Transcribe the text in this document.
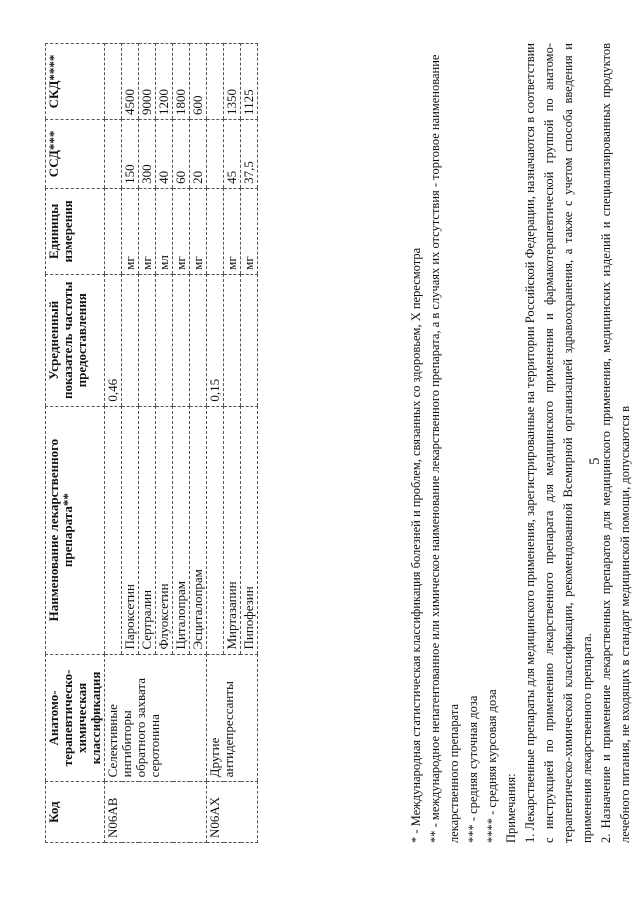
5
Код	Анатомо-терапевтическо-химическая классификация	Наименование лекарственного препарата**	Усредненный показатель частоты предоставления	Единицы измерения	ССД***	СКД****
N06AB	Селективные ингибиторы обратного захвата серотонина		0,46			
		Пароксетин		мг	150	4500
		Сертралин		мг	300	9000
		Флуоксетин		мл	40	1200
		Циталопрам		мг	60	1800
		Эсциталопрам		мг	20	600
N06AX	Другие антидепрессанты		0,15			
		Миртазапин		мг	45	1350
		Пипофезин		мг	37,5	1125

* - Международная статистическая классификация болезней и проблем, связанных со здоровьем, X пересмотра ** - международное непатентованное или химическое наименование лекарственного препарата, а в случаях их отсутствия - торговое наименование лекарственного препарата *** - средняя суточная доза **** - средняя курсовая доза Примечания: 1. Лекарственные препараты для медицинского применения, зарегистрированные на территории Российской Федерации, назначаются в соответствии с инструкцией по применению лекарственного препарата для медицинского применения и фармакотерапевтической группой по анатомо-терапевтическо-химической классификации, рекомендованной Всемирной организацией здравоохранения, а также с учетом способа введения и применения лекарственного препарата. 2. Назначение и применение лекарственных препаратов для медицинского применения, медицинских изделий и специализированных продуктов лечебного питания, не входящих в стандарт медицинской помощи, допускаются в
